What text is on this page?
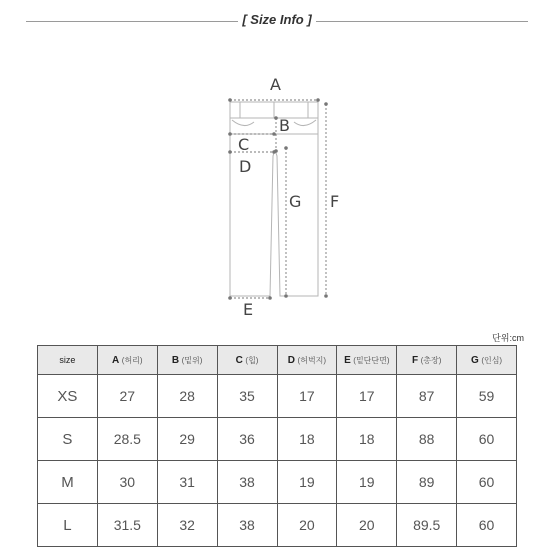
[ Size Info ]
A
B
C
D
G F
E
단위:cm
size	A (허리)	B (밑위)	C (힙)	D (허벅지)	E (밑단단면)	F (총장)	G (인심)
XS	27	28	35	17	17	87	59
S	28.5	29	36	18	18	88	60
M	30	31	38	19	19	89	60
L	31.5	32	38	20	20	89.5	60
